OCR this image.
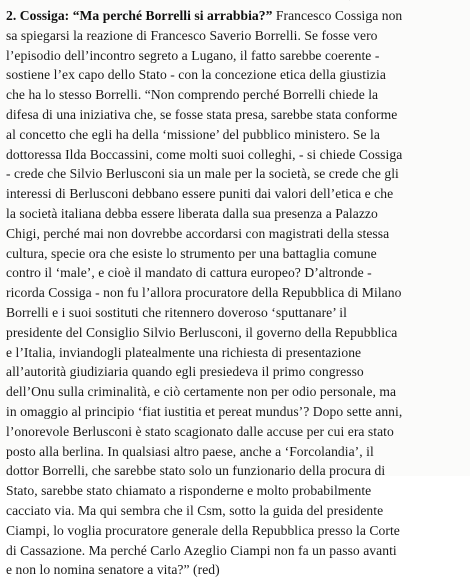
2. Cossiga: “Ma perché Borrelli si arrabbia?” Francesco Cossiga non
sa spiegarsi la reazione di Francesco Saverio Borrelli. Se fosse vero
l’episodio dell’incontro segreto a Lugano, il fatto sarebbe coerente -
sostiene l’ex capo dello Stato - con la concezione etica della giustizia
che ha lo stesso Borrelli. “Non comprendo perché Borrelli chiede la
difesa di una iniziativa che, se fosse stata presa, sarebbe stata conforme
al concetto che egli ha della ‘missione’ del pubblico ministero. Se la
dottoressa Ilda Boccassini, come molti suoi colleghi, - si chiede Cossiga
- crede che Silvio Berlusconi sia un male per la società, se crede che gli
interessi di Berlusconi debbano essere puniti dai valori dell’etica e che
la società italiana debba essere liberata dalla sua presenza a Palazzo
Chigi, perché mai non dovrebbe accordarsi con magistrati della stessa
cultura, specie ora che esiste lo strumento per una battaglia comune
contro il ‘male’, e cioè il mandato di cattura europeo? D’altronde -
ricorda Cossiga - non fu l’allora procuratore della Repubblica di Milano
Borrelli e i suoi sostituti che ritennero doveroso ‘sputtanare’ il
presidente del Consiglio Silvio Berlusconi, il governo della Repubblica
e l’Italia, inviandogli platealmente una richiesta di presentazione
all’autorità giudiziaria quando egli presiedeva il primo congresso
dell’Onu sulla criminalità, e ciò certamente non per odio personale, ma
in omaggio al principio ‘fiat iustitia et pereat mundus’? Dopo sette anni,
l’onorevole Berlusconi è stato scagionato dalle accuse per cui era stato
posto alla berlina. In qualsiasi altro paese, anche a ‘Forcolandia’, il
dottor Borrelli, che sarebbe stato solo un funzionario della procura di
Stato, sarebbe stato chiamato a risponderne e molto probabilmente
cacciato via. Ma qui sembra che il Csm, sotto la guida del presidente
Ciampi, lo voglia procuratore generale della Repubblica presso la Corte
di Cassazione. Ma perché Carlo Azeglio Ciampi non fa un passo avanti
e non lo nomina senatore a vita?” (red)
